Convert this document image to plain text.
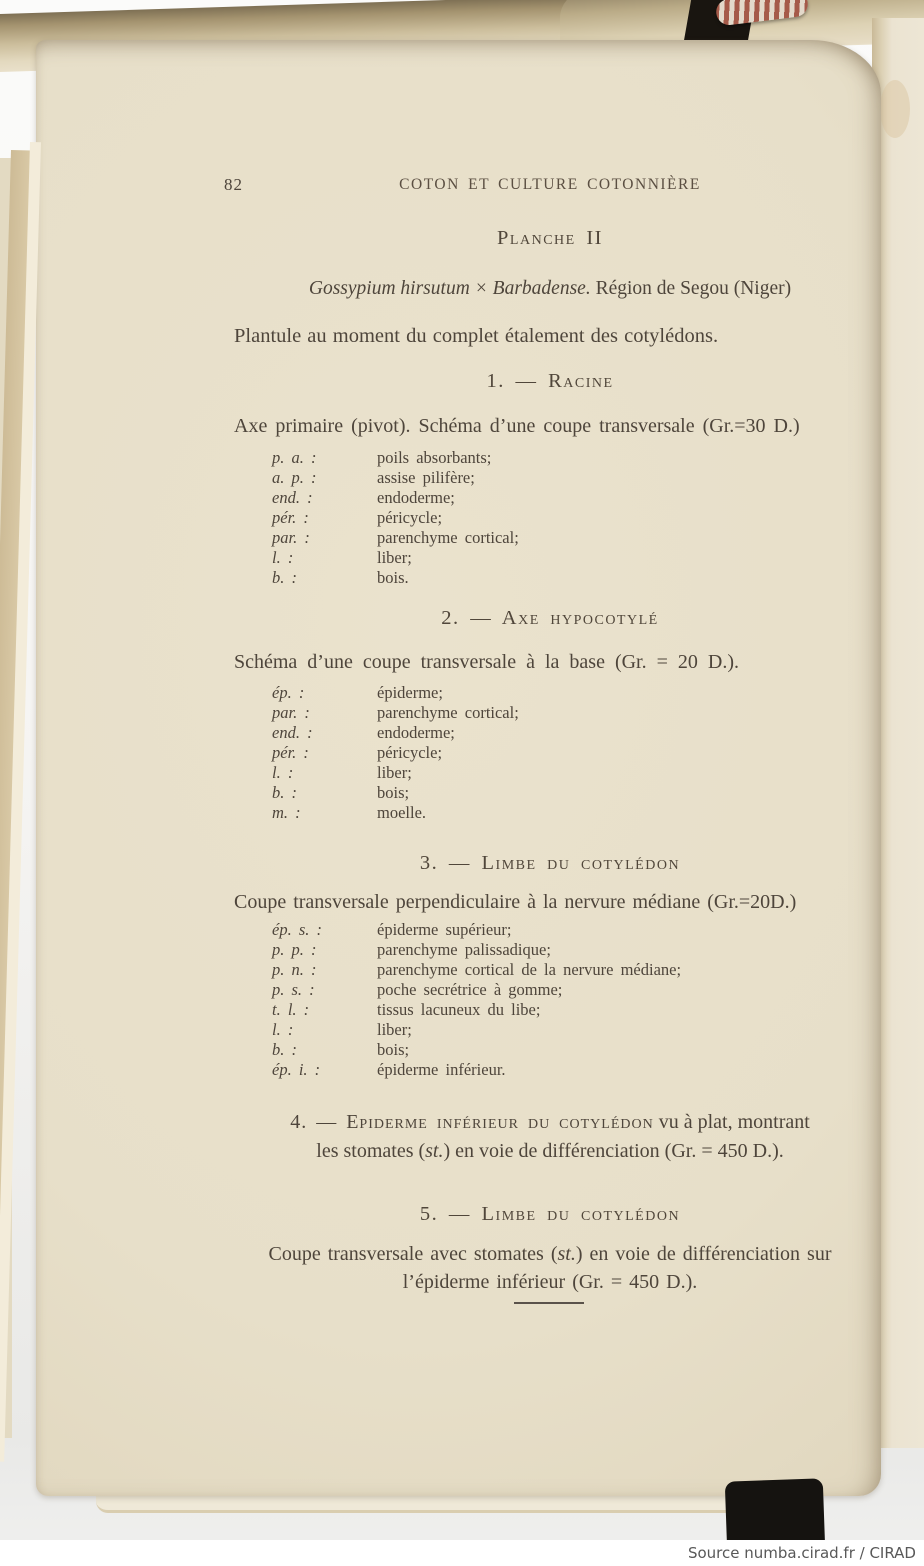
82	COTON ET CULTURE COTONNIÈRE
Planche II
Gossypium hirsutum × Barbadense. Région de Segou (Niger)
Plantule au moment du complet étalement des cotylédons.
1. — Racine
Axe primaire (pivot). Schéma d’une coupe transversale (Gr.=30 D.)
p. a. :	poils absorbants;
a. p. :	assise pilifère;
end. :	endoderme;
pér. :	péricycle;
par. :	parenchyme cortical;
l. :	liber;
b. :	bois.
2. — Axe hypocotylé
Schéma d’une coupe transversale à la base (Gr. = 20 D.).
ép. :	épiderme;
par. :	parenchyme cortical;
end. :	endoderme;
pér. :	péricycle;
l. :	liber;
b. :	bois;
m. :	moelle.
3. — Limbe du cotylédon
Coupe transversale perpendiculaire à la nervure médiane (Gr.=20D.)
ép. s. :	épiderme supérieur;
p. p. :	parenchyme palissadique;
p. n. :	parenchyme cortical de la nervure médiane;
p. s. :	poche secrétrice à gomme;
t. l. :	tissus lacuneux du libe;
l. :	liber;
b. :	bois;
ép. i. :	épiderme inférieur.
4. — Epiderme inférieur du cotylédon vu à plat, montrant
les stomates (st.) en voie de différenciation (Gr. = 450 D.).
5. — Limbe du cotylédon
Coupe transversale avec stomates (st.) en voie de différenciation sur
l’épiderme inférieur (Gr. = 450 D.).
Source numba.cirad.fr / CIRAD
